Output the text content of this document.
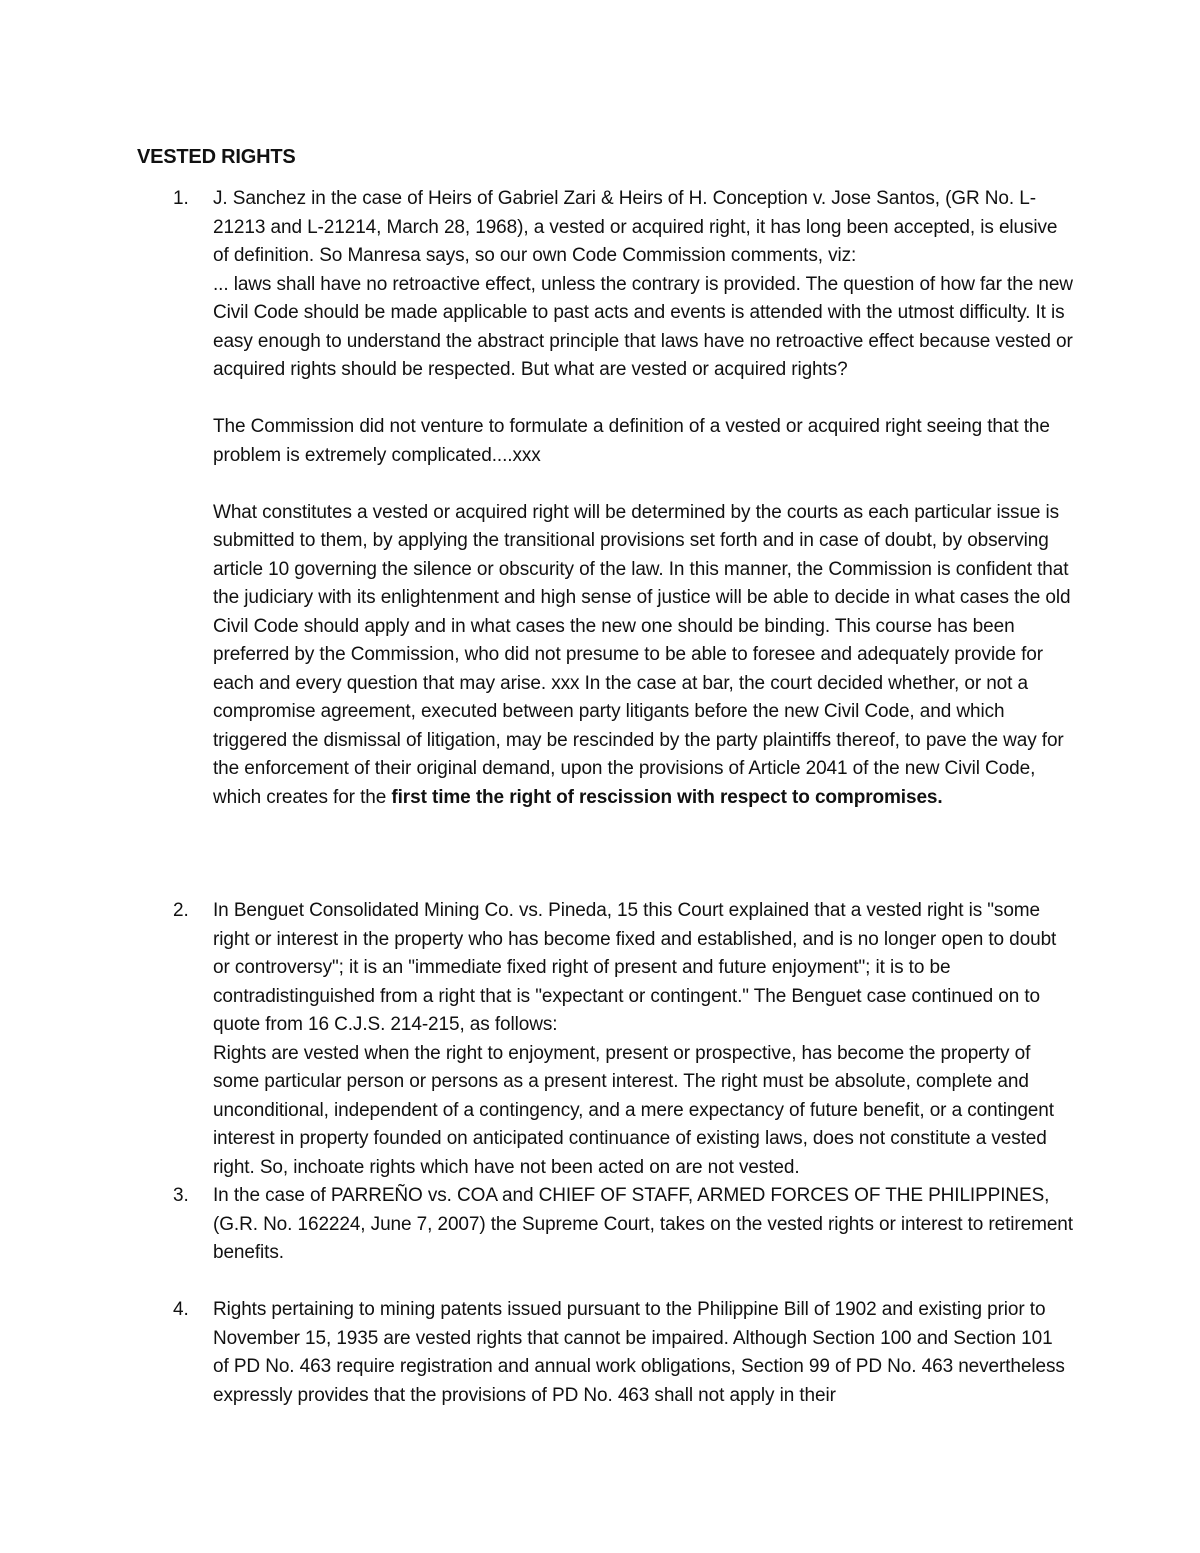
VESTED RIGHTS
1.	J. Sanchez in the case of Heirs of Gabriel Zari & Heirs of H. Conception v. Jose Santos, (GR No. L-21213 and L-21214, March 28, 1968), a vested or acquired right, it has long been accepted, is elusive of definition. So Manresa says, so our own Code Commission comments, viz:

... laws shall have no retroactive effect, unless the contrary is provided. The question of how far the new Civil Code should be made applicable to past acts and events is attended with the utmost difficulty. It is easy enough to understand the abstract principle that laws have no retroactive effect because vested or acquired rights should be respected. But what are vested or acquired rights?

The Commission did not venture to formulate a definition of a vested or acquired right seeing that the problem is extremely complicated....xxx

What constitutes a vested or acquired right will be determined by the courts as each particular issue is submitted to them, by applying the transitional provisions set forth and in case of doubt, by observing article 10 governing the silence or obscurity of the law. In this manner, the Commission is confident that the judiciary with its enlightenment and high sense of justice will be able to decide in what cases the old Civil Code should apply and in what cases the new one should be binding. This course has been preferred by the Commission, who did not presume to be able to foresee and adequately provide for each and every question that may arise. xxx In the case at bar, the court decided whether, or not a compromise agreement, executed between party litigants before the new Civil Code, and which triggered the dismissal of litigation, may be rescinded by the party plaintiffs thereof, to pave the way for the enforcement of their original demand, upon the provisions of Article 2041 of the new Civil Code, which creates for the first time the right of rescission with respect to compromises.

2.	In Benguet Consolidated Mining Co. vs. Pineda, 15 this Court explained that a vested right is "some right or interest in the property who has become fixed and established, and is no longer open to doubt or controversy"; it is an "immediate fixed right of present and future enjoyment"; it is to be contradistinguished from a right that is "expectant or contingent." The Benguet case continued on to quote from 16 C.J.S. 214-215, as follows:

Rights are vested when the right to enjoyment, present or prospective, has become the property of some particular person or persons as a present interest. The right must be absolute, complete and unconditional, independent of a contingency, and a mere expectancy of future benefit, or a contingent interest in property founded on anticipated continuance of existing laws, does not constitute a vested right. So, inchoate rights which have not been acted on are not vested.

3.	In the case of PARREÑO vs. COA and CHIEF OF STAFF, ARMED FORCES OF THE PHILIPPINES, (G.R. No. 162224, June 7, 2007) the Supreme Court, takes on the vested rights or interest to retirement benefits.

4.	Rights pertaining to mining patents issued pursuant to the Philippine Bill of 1902 and existing prior to November 15, 1935 are vested rights that cannot be impaired. Although Section 100 and Section 101 of PD No. 463 require registration and annual work obligations, Section 99 of PD No. 463 nevertheless expressly provides that the provisions of PD No. 463 shall not apply in their
